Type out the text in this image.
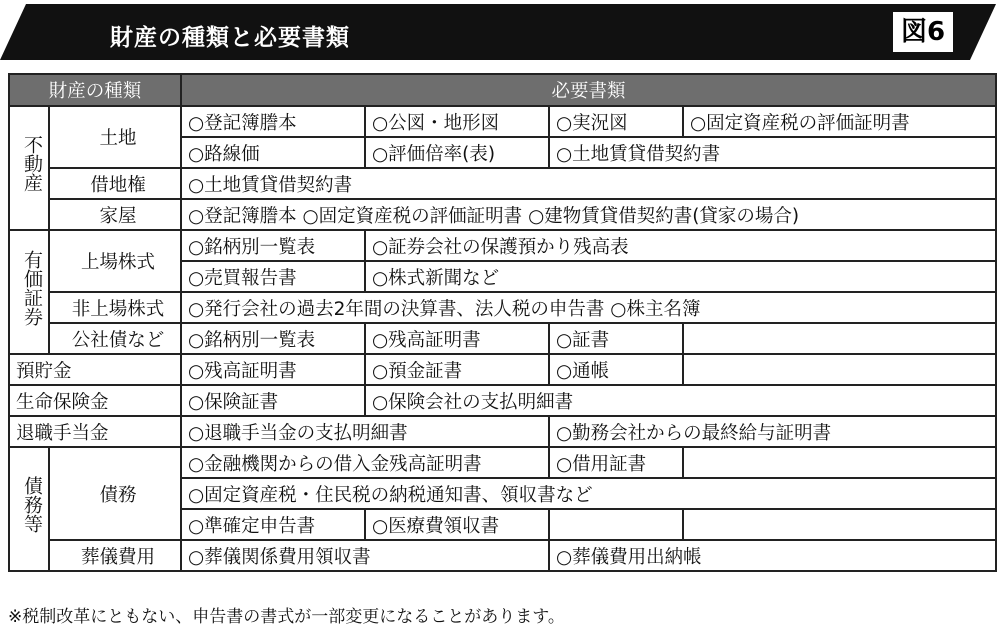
財産の種類と必要書類	図6
財産の種類		必要書類			
不動産	土地	○登記簿謄本	○公図・地形図	○実況図	○固定資産税の評価証明書
		○路線価	○評価倍率(表)	○土地賃貸借契約書	
	借地権	○土地賃貸借契約書			
	家屋	○登記簿謄本 ○固定資産税の評価証明書 ○建物賃貸借契約書(貸家の場合)			
有価証券	上場株式	○銘柄別一覧表	○証券会社の保護預かり残高表		
		○売買報告書	○株式新聞など		
	非上場株式	○発行会社の過去2年間の決算書、法人税の申告書 ○株主名簿			
	公社債など	○銘柄別一覧表	○残高証明書	○証書	
預貯金		○残高証明書	○預金証書	○通帳	
生命保険金		○保険証書	○保険会社の支払明細書		
退職手当金		○退職手当金の支払明細書		○勤務会社からの最終給与証明書	
債務等	債務	○金融機関からの借入金残高証明書		○借用証書	
		○固定資産税・住民税の納税通知書、領収書など			
		○準確定申告書	○医療費領収書		
	葬儀費用	○葬儀関係費用領収書		○葬儀費用出納帳	
※税制改革にともない、申告書の書式が一部変更になることがあります。
